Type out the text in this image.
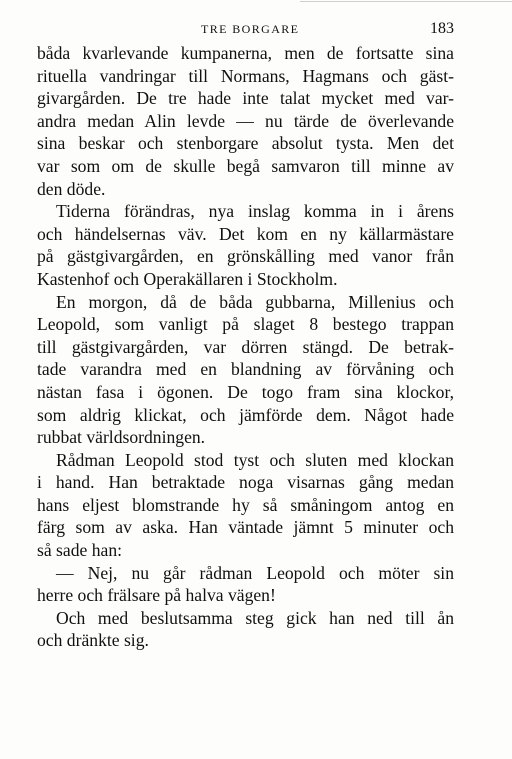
TRE BORGARE	183
båda kvarlevande kumpanerna, men de fortsatte sina
rituella vandringar till Normans, Hagmans och gäst-
givargården. De tre hade inte talat mycket med var-
andra medan Alin levde — nu tärde de överlevande
sina beskar och stenborgare absolut tysta. Men det
var som om de skulle begå samvaron till minne av
den döde.
Tiderna förändras, nya inslag komma in i årens
och händelsernas väv. Det kom en ny källarmästare
på gästgivargården, en grönskålling med vanor från
Kastenhof och Operakällaren i Stockholm.
En morgon, då de båda gubbarna, Millenius och
Leopold, som vanligt på slaget 8 bestego trappan
till gästgivargården, var dörren stängd. De betrak-
tade varandra med en blandning av förvåning och
nästan fasa i ögonen. De togo fram sina klockor,
som aldrig klickat, och jämförde dem. Något hade
rubbat världsordningen.
Rådman Leopold stod tyst och sluten med klockan
i hand. Han betraktade noga visarnas gång medan
hans eljest blomstrande hy så småningom antog en
färg som av aska. Han väntade jämnt 5 minuter och
så sade han:
— Nej, nu går rådman Leopold och möter sin
herre och frälsare på halva vägen!
Och med beslutsamma steg gick han ned till ån
och dränkte sig.
